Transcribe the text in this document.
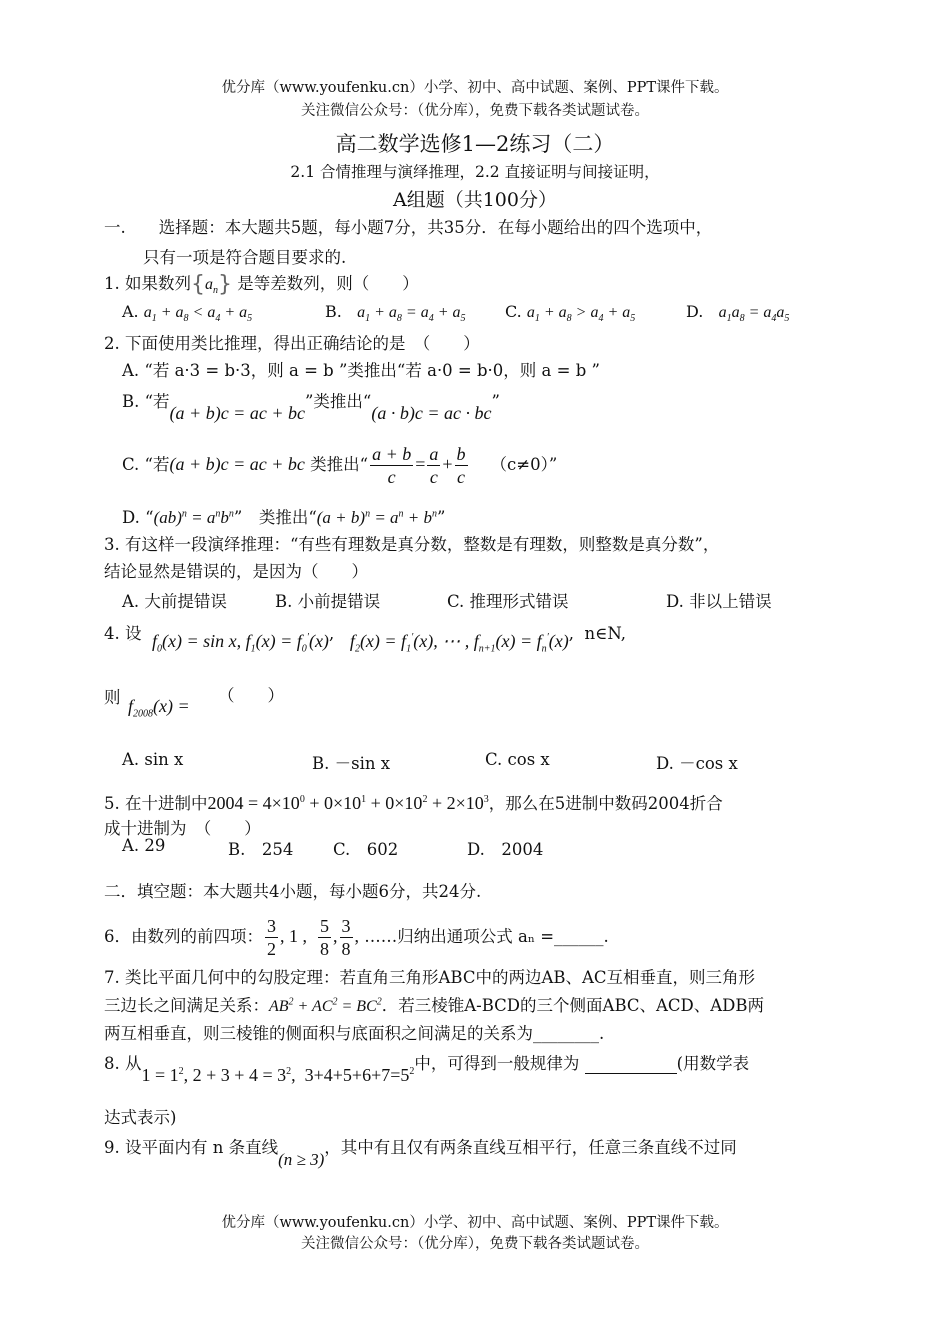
优分库（www.youfenku.cn）小学、初中、高中试题、案例、PPT课件下载。
关注微信公众号：（优分库），免费下载各类试题试卷。
高二数学选修1—2练习（二）
2.1 合情推理与演绎推理，2.2 直接证明与间接证明，
A组题（共100分）
一.　　选择题：本大题共5题，每小题7分，共35分．在每小题给出的四个选项中，
只有一项是符合题目要求的.
1. 如果数列$\{a_n\}$ 是等差数列，则（　　）
A. $a_1 + a_8 < a_4 + a_5$	B. $a_1 + a_8 = a_4 + a_5$ C. $a_1 + a_8 > a_4 + a_5$	D. $a_1a_8 = a_4a_5$
2. 下面使用类比推理，得出正确结论的是　（　　）
A. “若 a·3 = b·3，则 a = b ”类推出“若 a·0 = b·0，则 a = b ”
B. “若(a + b)c = ac + bc”类推出“(a · b)c = ac · bc”
C. “若(a + b)c = ac + bc 类推出“ $\frac{a + b}{c} = \frac{a}{c} + \frac{b}{c} (c\ne 0)$”
D. “$(ab)^n = a^nb^n$”　类推出“$(a + b)^n = a^n + b^n$”
3. 有这样一段演绎推理：“有些有理数是真分数，整数是有理数，则整数是真分数”，
结论显然是错误的，是因为（　　）
A. 大前提错误	B. 小前提错误	C. 推理形式错误	D. 非以上错误
4. 设 $f_0(x) = \sin x$, $f_1(x) = f_0'(x)$,   $f_2(x) = f_1'(x)$, ⋯ , $f_{n+1}(x) = f_n'(x)$,  n∈N,
则 $f_{2008}(x)$ =
（　　）
A. sin x	B. －sin x	C. cos x	D. －cos x
5. 在十进制中$2004 = 4\times 10^0 + 0\times 10^1 + 0\times 10^2 + 2\times 10^3$，那么在5进制中数码2004折合
成十进制为　（　　）
A. 29	B.　254 C.　602	D.　2004
二．填空题：本大题共4小题，每小题6分，共24分.
6．由数列的前四项： $\frac{3}{2}$ , 1 , $\frac{5}{8}$ , $\frac{3}{8}$ , ……归纳出通项公式 aₙ =______.
7. 类比平面几何中的勾股定理：若直角三角形ABC中的两边AB、AC互相垂直，则三角形
三边长之间满足关系：$AB^2 + AC^2 = BC^2$．若三棱锥A-BCD的三个侧面ABC、ACD、ADB两
两互相垂直，则三棱锥的侧面积与底面积之间满足的关系为________.
8. 从$1 = 1^2$, $2 + 3 + 4 = 3^2$,  $3+4+5+6+7=5^2$中，可得到一般规律为	(用数学表
达式表示)
9. 设平面内有 n 条直线(n ≥ 3)，其中有且仅有两条直线互相平行，任意三条直线不过同
优分库（www.youfenku.cn）小学、初中、高中试题、案例、PPT课件下载。
关注微信公众号：（优分库），免费下载各类试题试卷。
